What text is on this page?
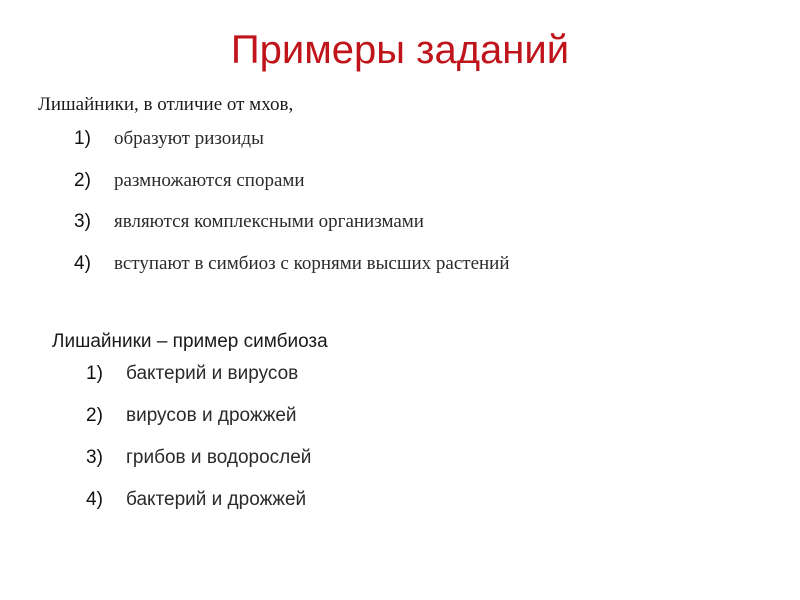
Примеры заданий
Лишайники, в отличие от мхов,
1)	образуют ризоиды
2)	размножаются спорами
3)	являются комплексными организмами
4)	вступают в симбиоз с корнями высших растений
Лишайники – пример симбиоза
1)	бактерий и вирусов
2)	вирусов и дрожжей
3)	грибов и водорослей
4)	бактерий и дрожжей
